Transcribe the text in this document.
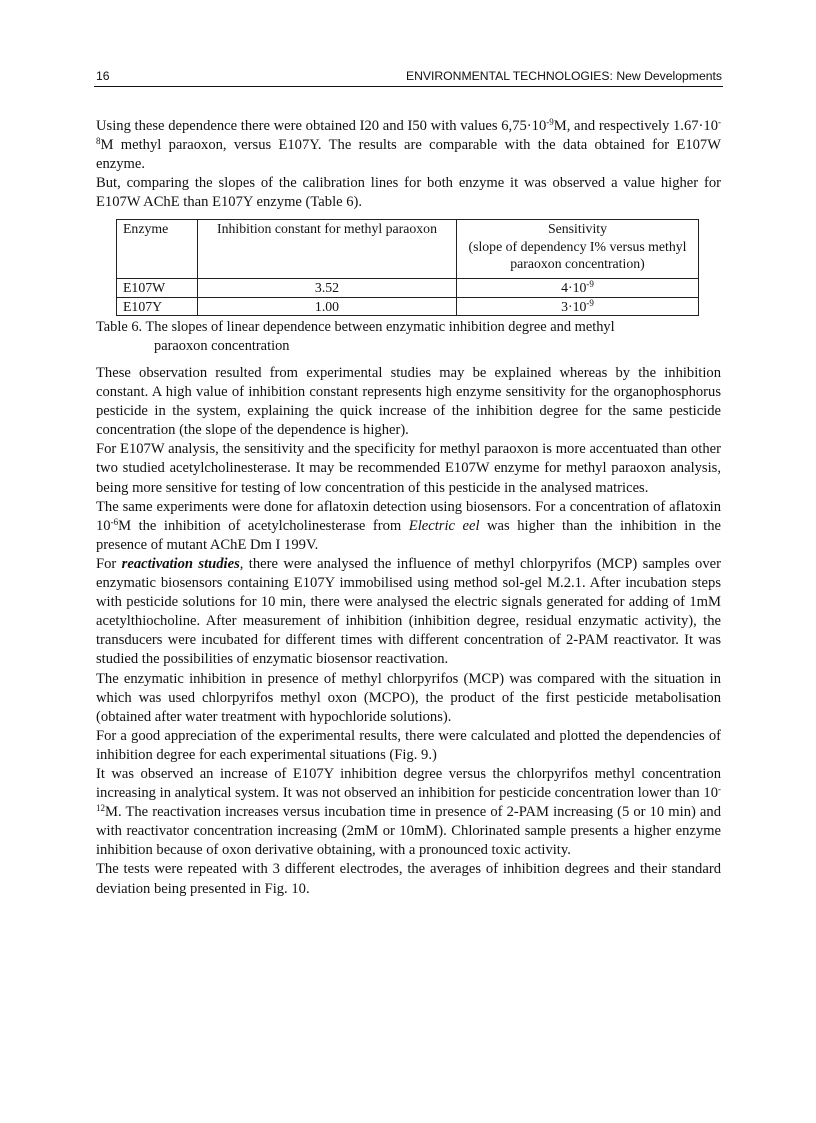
16	ENVIRONMENTAL TECHNOLOGIES: New Developments

Using these dependence there were obtained I20 and I50 with values $6,75\cdot 10^{-9}M$, and respectively $1.67\cdot 10^{-8}M$ methyl paraoxon, versus E107Y. The results are comparable with the data obtained for E107W enzyme.

But, comparing the slopes of the calibration lines for both enzyme it was observed a value higher for E107W AChE than E107Y enzyme (Table 6).

Enzyme	Inhibition constant for methyl paraoxon	Sensitivity
(slope of dependency I% versus methyl paraoxon concentration)
E107W	3.52	$4\cdot 10^{-9}$
E107Y	1.00	$3\cdot 10^{-9}$
Table 6. The slopes of linear dependence between enzymatic inhibition degree and methyl
paraoxon concentration

These observation resulted from experimental studies may be explained whereas by the inhibition constant. A high value of inhibition constant represents high enzyme sensitivity for the organophosphorus pesticide in the system, explaining the quick increase of the inhibition degree for the same pesticide concentration (the slope of the dependence is higher).

For E107W analysis, the sensitivity and the specificity for methyl paraoxon is more accentuated than other two studied acetylcholinesterase. It may be recommended E107W enzyme for methyl paraoxon analysis, being more sensitive for testing of low concentration of this pesticide in the analysed matrices.

The same experiments were done for aflatoxin detection using biosensors. For a concentration of aflatoxin $10^{-6}M$ the inhibition of acetylcholinesterase from Electric eel was higher than the inhibition in the presence of mutant AChE Dm I 199V.

For reactivation studies, there were analysed the influence of methyl chlorpyrifos (MCP) samples over enzymatic biosensors containing E107Y immobilised using method sol-gel M.2.1. After incubation steps with pesticide solutions for 10 min, there were analysed the electric signals generated for adding of 1mM acetylthiocholine. After measurement of inhibition (inhibition degree, residual enzymatic activity), the transducers were incubated for different times with different concentration of 2-PAM reactivator. It was studied the possibilities of enzymatic biosensor reactivation.

The enzymatic inhibition in presence of methyl chlorpyrifos (MCP) was compared with the situation in which was used chlorpyrifos methyl oxon (MCPO), the product of the first pesticide metabolisation (obtained after water treatment with hypochloride solutions).

For a good appreciation of the experimental results, there were calculated and plotted the dependencies of inhibition degree for each experimental situations (Fig. 9.)

It was observed an increase of E107Y inhibition degree versus the chlorpyrifos methyl concentration increasing in analytical system. It was not observed an inhibition for pesticide concentration lower than $10^{-12}M$. The reactivation increases versus incubation time in presence of 2-PAM increasing (5 or 10 min) and with reactivator concentration increasing (2mM or 10mM). Chlorinated sample presents a higher enzyme inhibition because of oxon derivative obtaining, with a pronounced toxic activity.

The tests were repeated with 3 different electrodes, the averages of inhibition degrees and their standard deviation being presented in Fig. 10.
